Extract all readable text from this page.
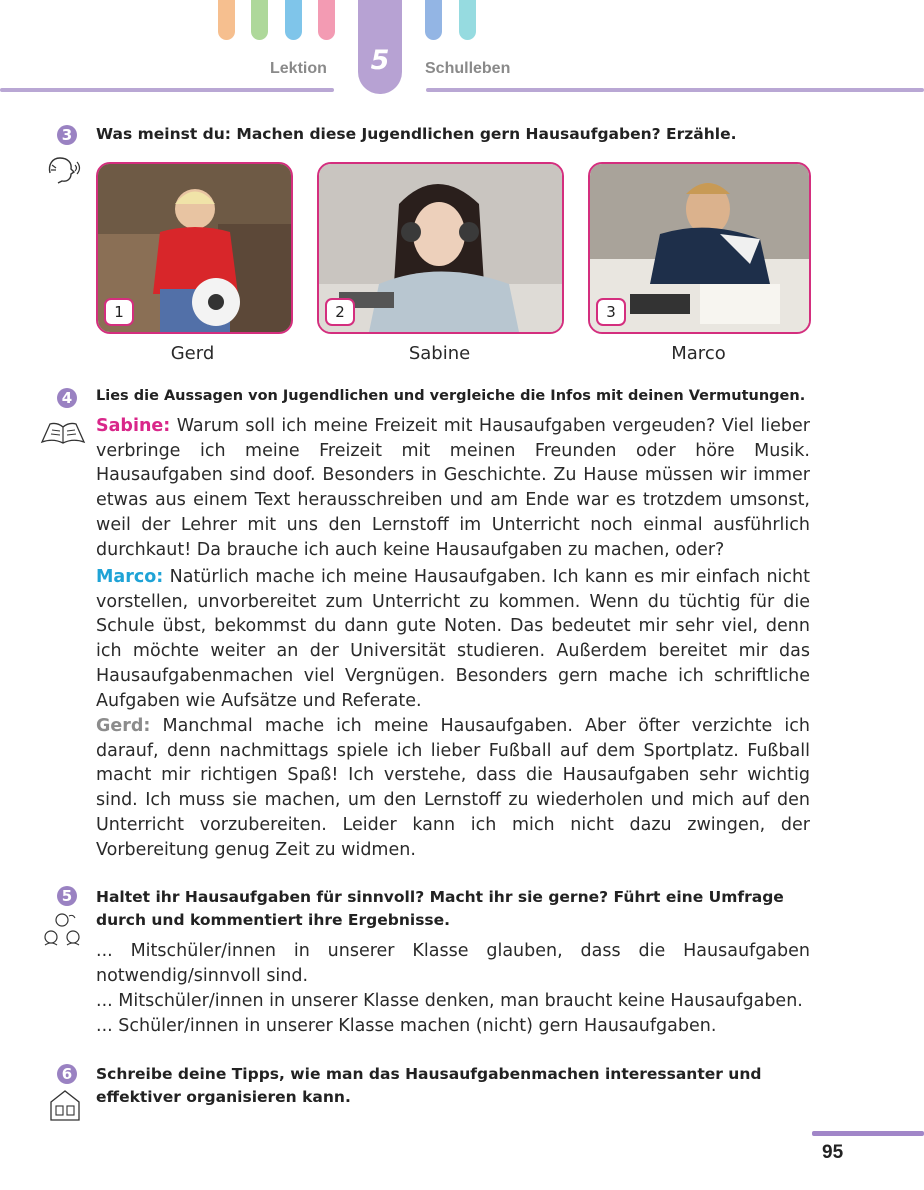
Lektion	5	Schulleben
3	Was meinst du: Machen diese Jugendlichen gern Hausaufgaben? Erzähle.
1	2	3
Gerd	Sabine	Marco
4	Lies die Aussagen von Jugendlichen und vergleiche die Infos mit deinen Vermutungen.
Sabine: Warum soll ich meine Freizeit mit Hausaufgaben vergeuden? Viel lieber verbringe ich meine Freizeit mit meinen Freunden oder höre Musik. Hausaufgaben sind doof. Besonders in Geschichte. Zu Hause müssen wir immer etwas aus einem Text herausschreiben und am Ende war es trotzdem umsonst, weil der Lehrer mit uns den Lernstoff im Unterricht noch einmal ausführlich durchkaut! Da brauche ich auch keine Hausaufgaben zu machen, oder?
Marco: Natürlich mache ich meine Hausaufgaben. Ich kann es mir einfach nicht vorstellen, unvorbereitet zum Unterricht zu kommen. Wenn du tüchtig für die Schule übst, bekommst du dann gute Noten. Das bedeutet mir sehr viel, denn ich möchte weiter an der Universität studieren. Außerdem bereitet mir das Hausaufgabenmachen viel Vergnügen. Besonders gern mache ich schriftliche Aufgaben wie Aufsätze und Referate.
Gerd: Manchmal mache ich meine Hausaufgaben. Aber öfter verzichte ich darauf, denn nachmittags spiele ich lieber Fußball auf dem Sportplatz. Fußball macht mir richtigen Spaß! Ich verstehe, dass die Hausaufgaben sehr wichtig sind. Ich muss sie machen, um den Lernstoff zu wiederholen und mich auf den Unterricht vorzubereiten. Leider kann ich mich nicht dazu zwingen, der Vorbereitung genug Zeit zu widmen.
5	Haltet ihr Hausaufgaben für sinnvoll? Macht ihr sie gerne? Führt eine Umfrage durch und kommentiert ihre Ergebnisse.
... Mitschüler/innen in unserer Klasse glauben, dass die Hausaufgaben notwendig/sinnvoll sind.
... Mitschüler/innen in unserer Klasse denken, man braucht keine Hausaufgaben.
... Schüler/innen in unserer Klasse machen (nicht) gern Hausaufgaben.
6	Schreibe deine Tipps, wie man das Hausaufgabenmachen interessanter und effektiver organisieren kann.
95
